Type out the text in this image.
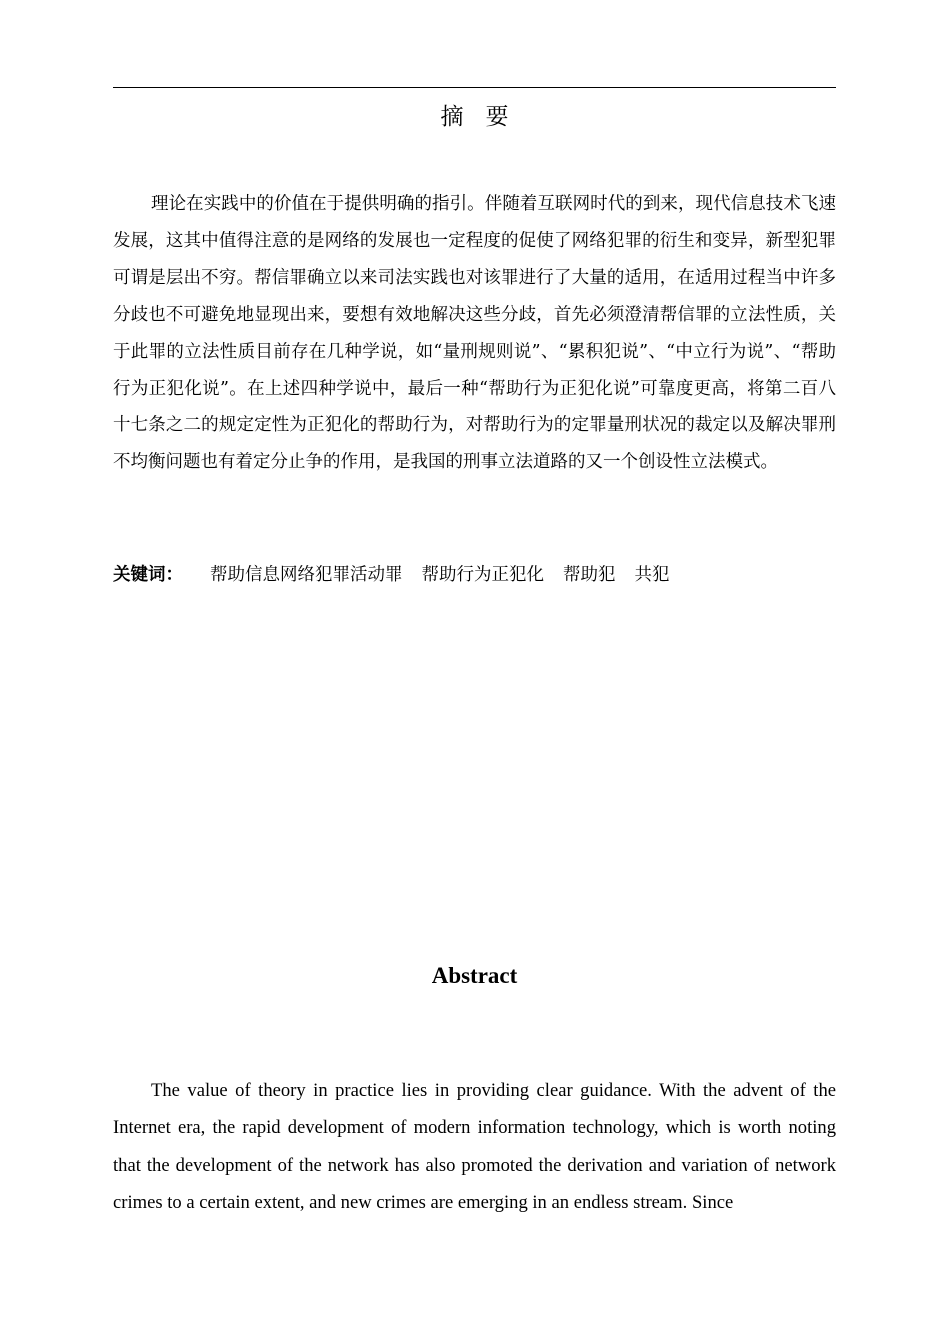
摘要

理论在实践中的价值在于提供明确的指引。伴随着互联网时代的到来，现代信息技术飞速发展，这其中值得注意的是网络的发展也一定程度的促使了网络犯罪的衍生和变异，新型犯罪可谓是层出不穷。帮信罪确立以来司法实践也对该罪进行了大量的适用，在适用过程当中许多分歧也不可避免地显现出来，要想有效地解决这些分歧，首先必须澄清帮信罪的立法性质，关于此罪的立法性质目前存在几种学说，如“量刑规则说”、“累积犯说”、“中立行为说”、“帮助行为正犯化说”。在上述四种学说中，最后一种“帮助行为正犯化说”可靠度更高，将第二百八十七条之二的规定定性为正犯化的帮助行为，对帮助行为的定罪量刑状况的裁定以及解决罪刑不均衡问题也有着定分止争的作用，是我国的刑事立法道路的又一个创设性立法模式。

关键词： 帮助信息网络犯罪活动罪 帮助行为正犯化 帮助犯 共犯
Abstract

The value of theory in practice lies in providing clear guidance. With the advent of the Internet era, the rapid development of modern information technology, which is worth noting that the development of the network has also promoted the derivation and variation of network crimes to a certain extent, and new crimes are emerging in an endless stream. Since
